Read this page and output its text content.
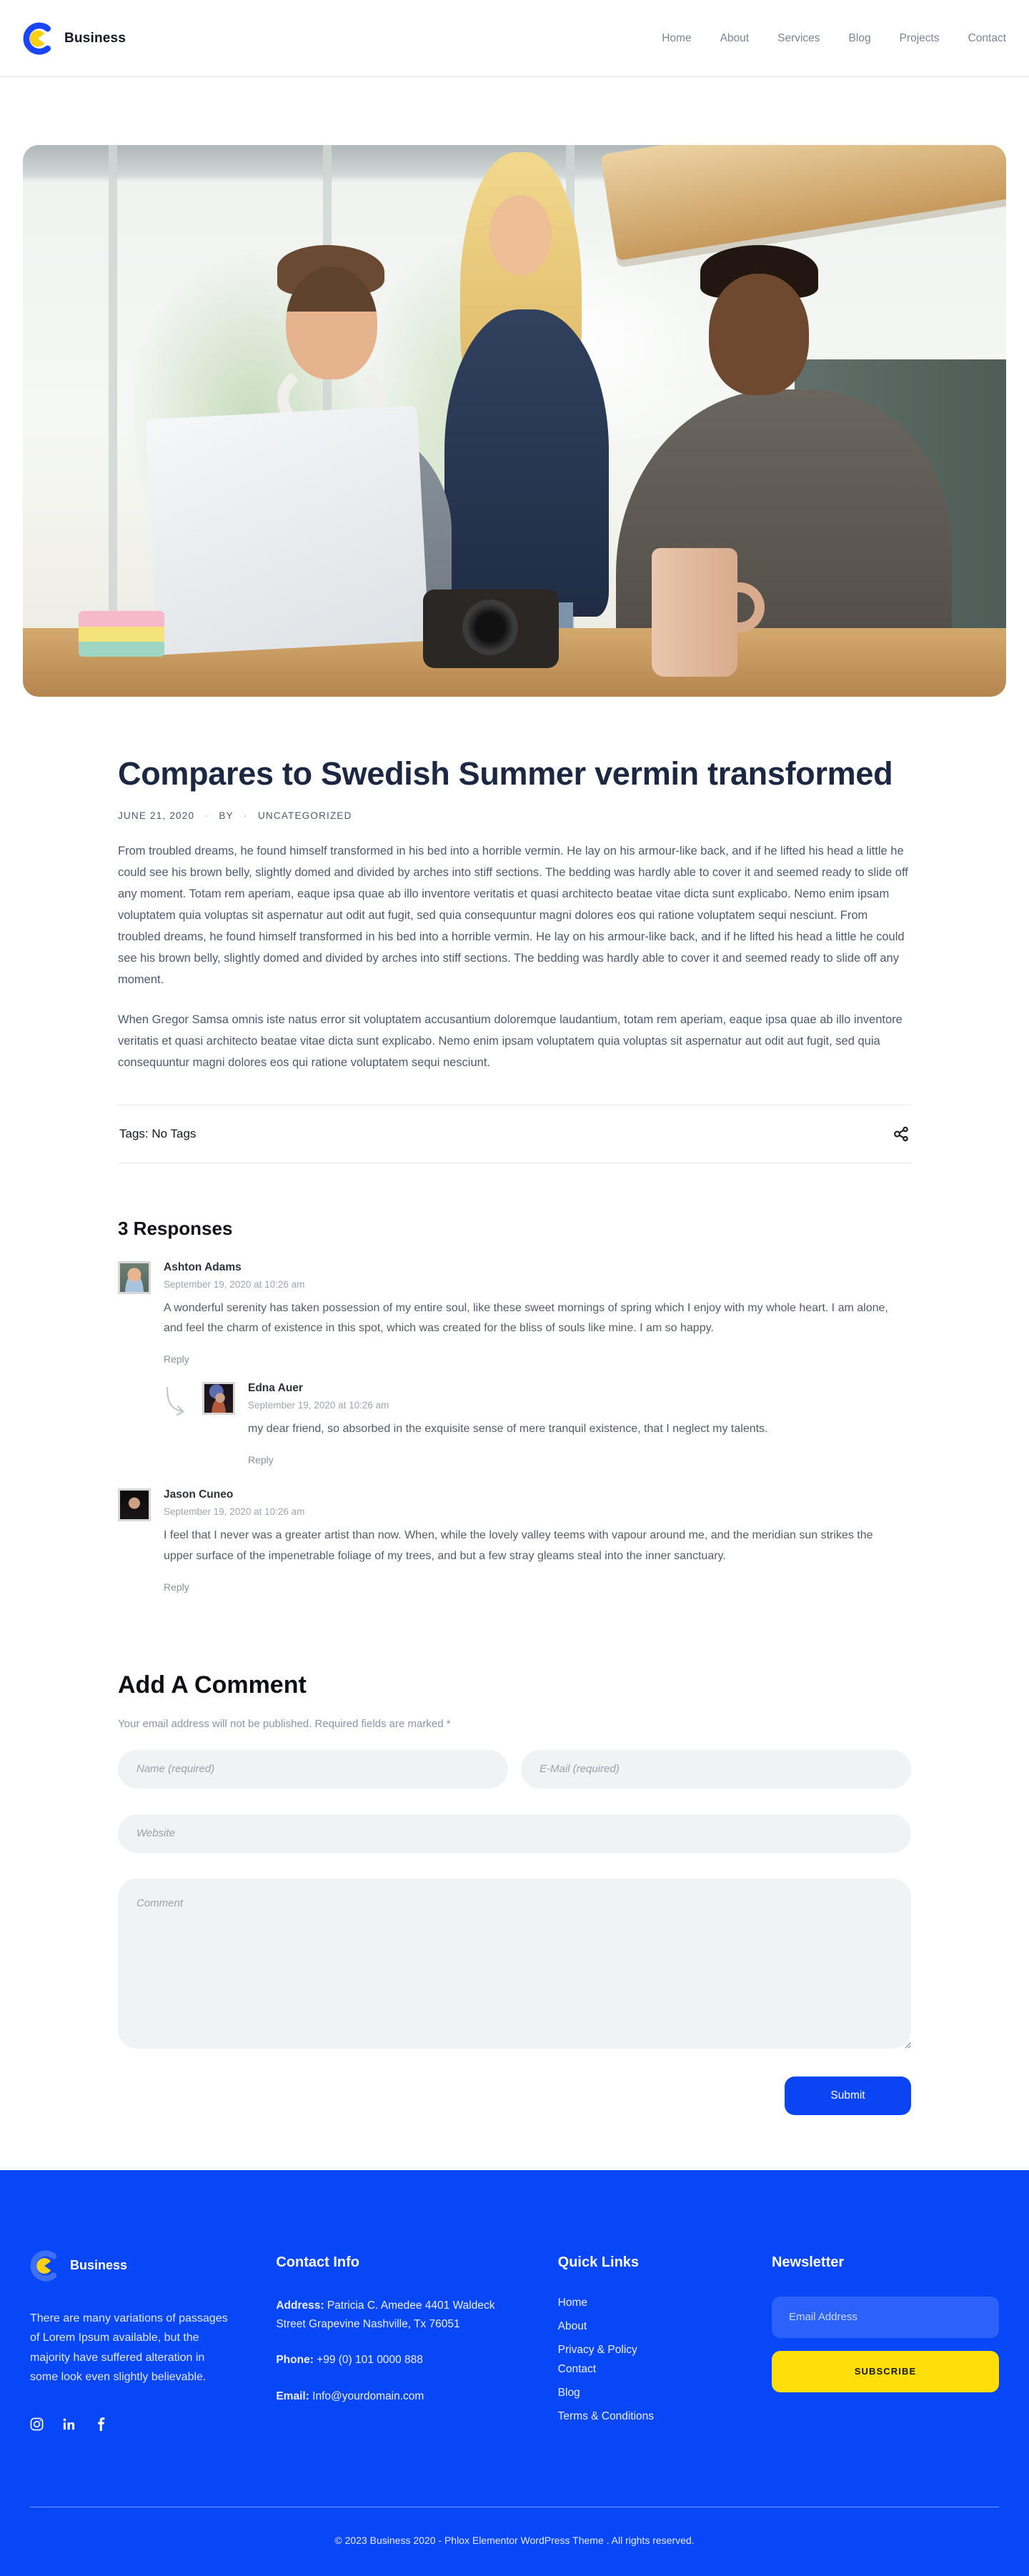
Business	Home	About	Services	Blog	Projects	Contact
Compares to Swedish Summer vermin transformed
JUNE 21, 2020 · BY · UNCATEGORIZED

From troubled dreams, he found himself transformed in his bed into a horrible vermin. He lay on his armour-like back, and if he lifted his head a little he could see his brown belly, slightly domed and divided by arches into stiff sections. The bedding was hardly able to cover it and seemed ready to slide off any moment. Totam rem aperiam, eaque ipsa quae ab illo inventore veritatis et quasi architecto beatae vitae dicta sunt explicabo. Nemo enim ipsam voluptatem quia voluptas sit aspernatur aut odit aut fugit, sed quia consequuntur magni dolores eos qui ratione voluptatem sequi nesciunt. From troubled dreams, he found himself transformed in his bed into a horrible vermin. He lay on his armour-like back, and if he lifted his head a little he could see his brown belly, slightly domed and divided by arches into stiff sections. The bedding was hardly able to cover it and seemed ready to slide off any moment.

When Gregor Samsa omnis iste natus error sit voluptatem accusantium doloremque laudantium, totam rem aperiam, eaque ipsa quae ab illo inventore veritatis et quasi architecto beatae vitae dicta sunt explicabo. Nemo enim ipsam voluptatem quia voluptas sit aspernatur aut odit aut fugit, sed quia consequuntur magni dolores eos qui ratione voluptatem sequi nesciunt.

Tags: No Tags
3 Responses
Ashton Adams
September 19, 2020 at 10:26 am
A wonderful serenity has taken possession of my entire soul, like these sweet mornings of spring which I enjoy with my whole heart. I am alone, and feel the charm of existence in this spot, which was created for the bliss of souls like mine. I am so happy.
Reply
Edna Auer
September 19, 2020 at 10:26 am
my dear friend, so absorbed in the exquisite sense of mere tranquil existence, that I neglect my talents.
Reply
Jason Cuneo
September 19, 2020 at 10:26 am
I feel that I never was a greater artist than now. When, while the lovely valley teems with vapour around me, and the meridian sun strikes the upper surface of the impenetrable foliage of my trees, and but a few stray gleams steal into the inner sanctuary.
Reply
Add A Comment

Your email address will not be published. Required fields are marked *

Name (required)
E-Mail (required)
Website Comment
Submit
Business

There are many variations of passages of Lorem Ipsum available, but the majority have suffered alteration in some look even slightly believable.

Contact Info

Address: Patricia C. Amedee 4401 Waldeck Street Grapevine Nashville, Tx 76051

Phone: +99 (0) 101 0000 888

Email: Info@yourdomain.com

Quick Links
Home
About
Privacy & Policy
Contact
Blog
Terms & Conditions
Newsletter
Email Address SUBSCRIBE
© 2023 Business 2020 - Phlox Elementor WordPress Theme . All rights reserved.
